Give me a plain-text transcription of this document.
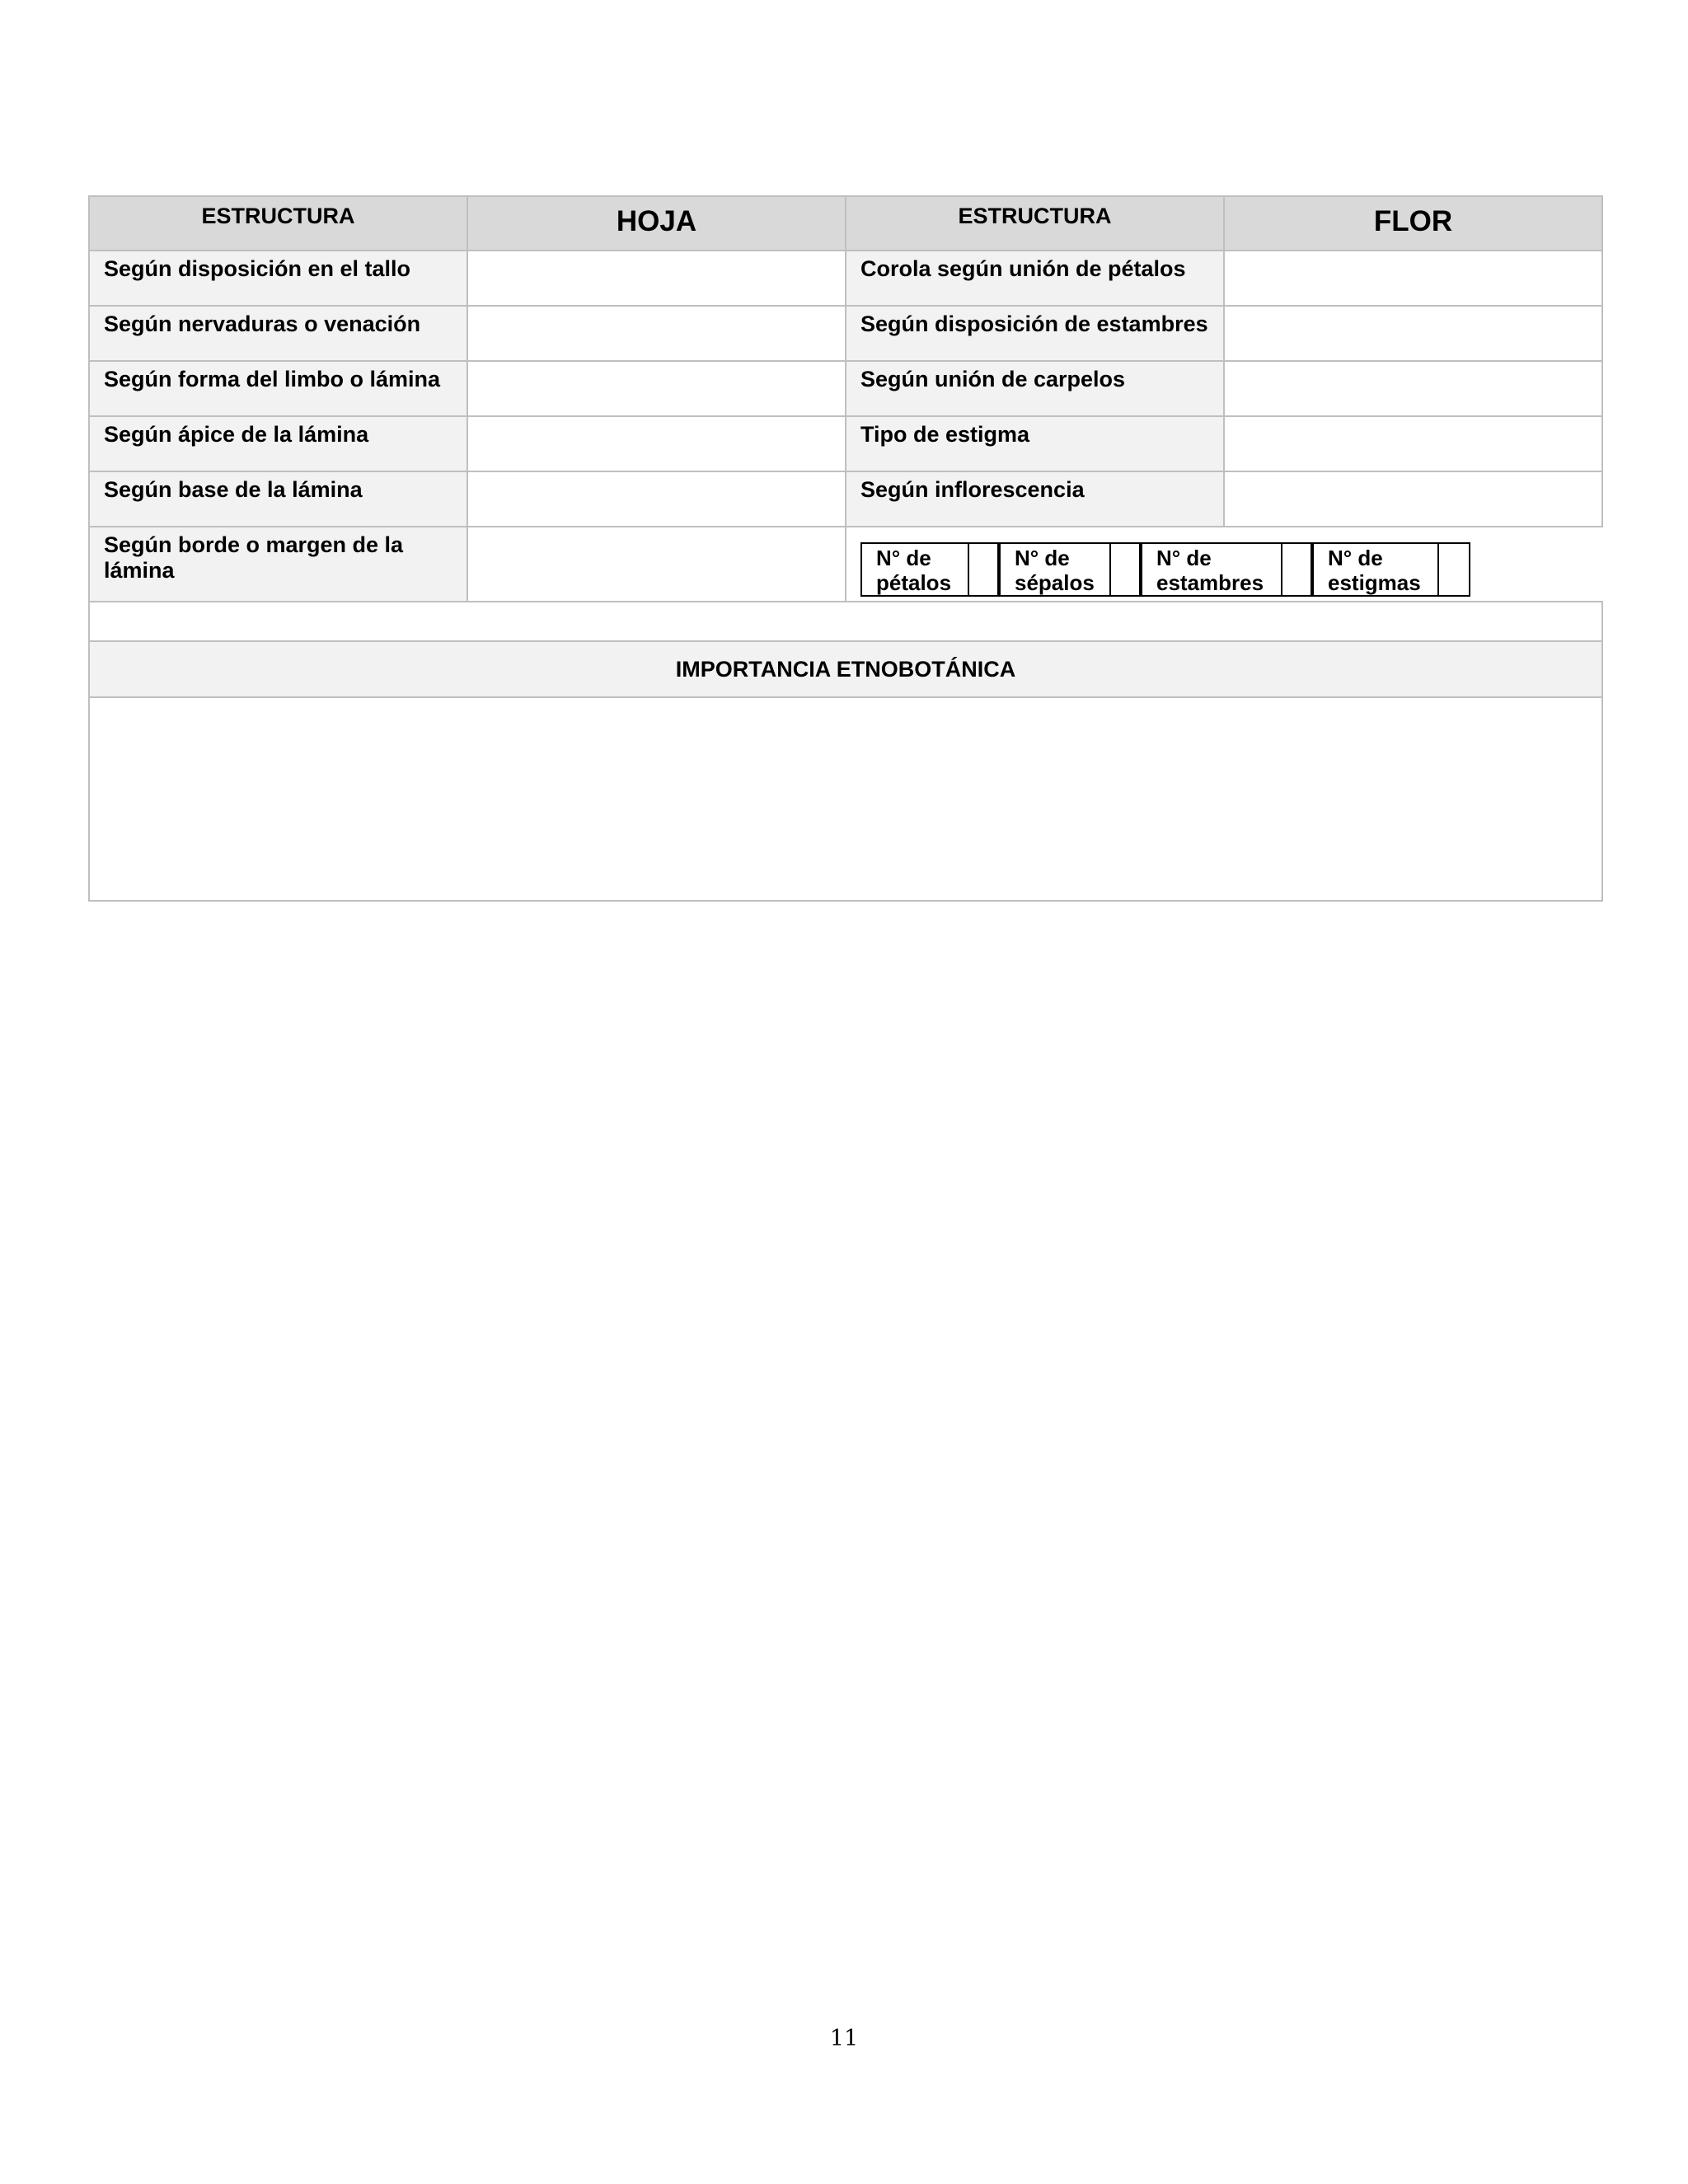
ESTRUCTURA	HOJA	ESTRUCTURA	FLOR
Según disposición en el tallo		Corola según unión de pétalos	
Según nervaduras o venación		Según disposición de estambres	
Según forma del limbo o lámina		Según unión de carpelos	
Según ápice de la lámina		Tipo de estigma	
Según base de la lámina		Según inflorescencia	
Según borde o margen de la lámina			N° de pétalos			N° de sépalos			N° de estambres			N° de estigmas	

IMPORTANCIA ETNOBOTÁNICA

11
